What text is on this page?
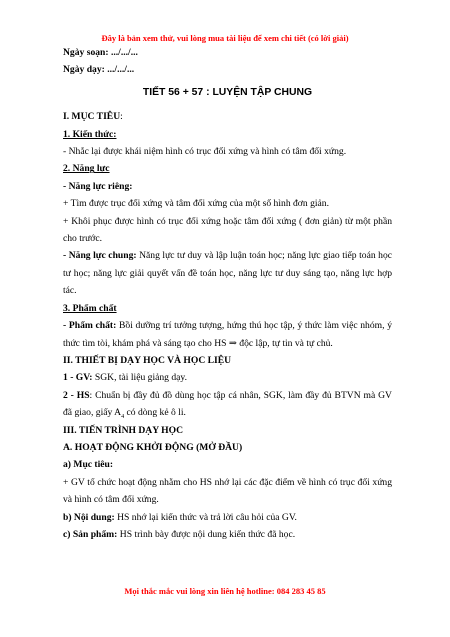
Đây là bản xem thử, vui lòng mua tài liệu để xem chi tiết (có lời giải)
Ngày soạn: .../.../...
Ngày dạy: .../.../...
TIẾT 56 + 57 : LUYỆN TẬP CHUNG
I. MỤC TIÊU:
1. Kiến thức:
- Nhắc lại được khái niệm hình có trục đối xứng và hình có tâm đối xứng.
2. Năng lực
- Năng lực riêng:
+ Tìm được trục đối xứng và tâm đối xứng của một số hình đơn giản.
+ Khôi phục được hình có trục đối xứng hoặc tâm đối xứng ( đơn giản) từ một phần cho trước.
- Năng lực chung: Năng lực tư duy và lập luận toán học; năng lực giao tiếp toán học tư học; năng lực giải quyết vấn đề toán học, năng lực tư duy sáng tạo, năng lực hợp tác.
3. Phẩm chất
- Phẩm chất: Bồi dưỡng trí tưởng tượng, hứng thú học tập, ý thức làm việc nhóm, ý thức tìm tòi, khám phá và sáng tạo cho HS ⇒ độc lập, tự tin và tự chủ.
II. THIẾT BỊ DẠY HỌC VÀ HỌC LIỆU
1 - GV: SGK, tài liệu giảng dạy.
2 - HS: Chuẩn bị đầy đủ đồ dùng học tập cá nhân, SGK, làm đầy đủ BTVN mà GV đã giao, giấy $A_4$ có dòng kẻ ô li.
III. TIẾN TRÌNH DẠY HỌC
A. HOẠT ĐỘNG KHỞI ĐỘNG (MỞ ĐẦU)
a) Mục tiêu:
+ GV tổ chức hoạt động nhằm cho HS nhớ lại các đặc điểm về hình có trục đối xứng và hình có tâm đối xứng.
b) Nội dung: HS nhớ lại kiến thức và trả lời câu hỏi của GV.
c) Sản phẩm: HS trình bày được nội dung kiến thức đã học.
Mọi thắc mắc vui lòng xin liên hệ hotline: 084 283 45 85
